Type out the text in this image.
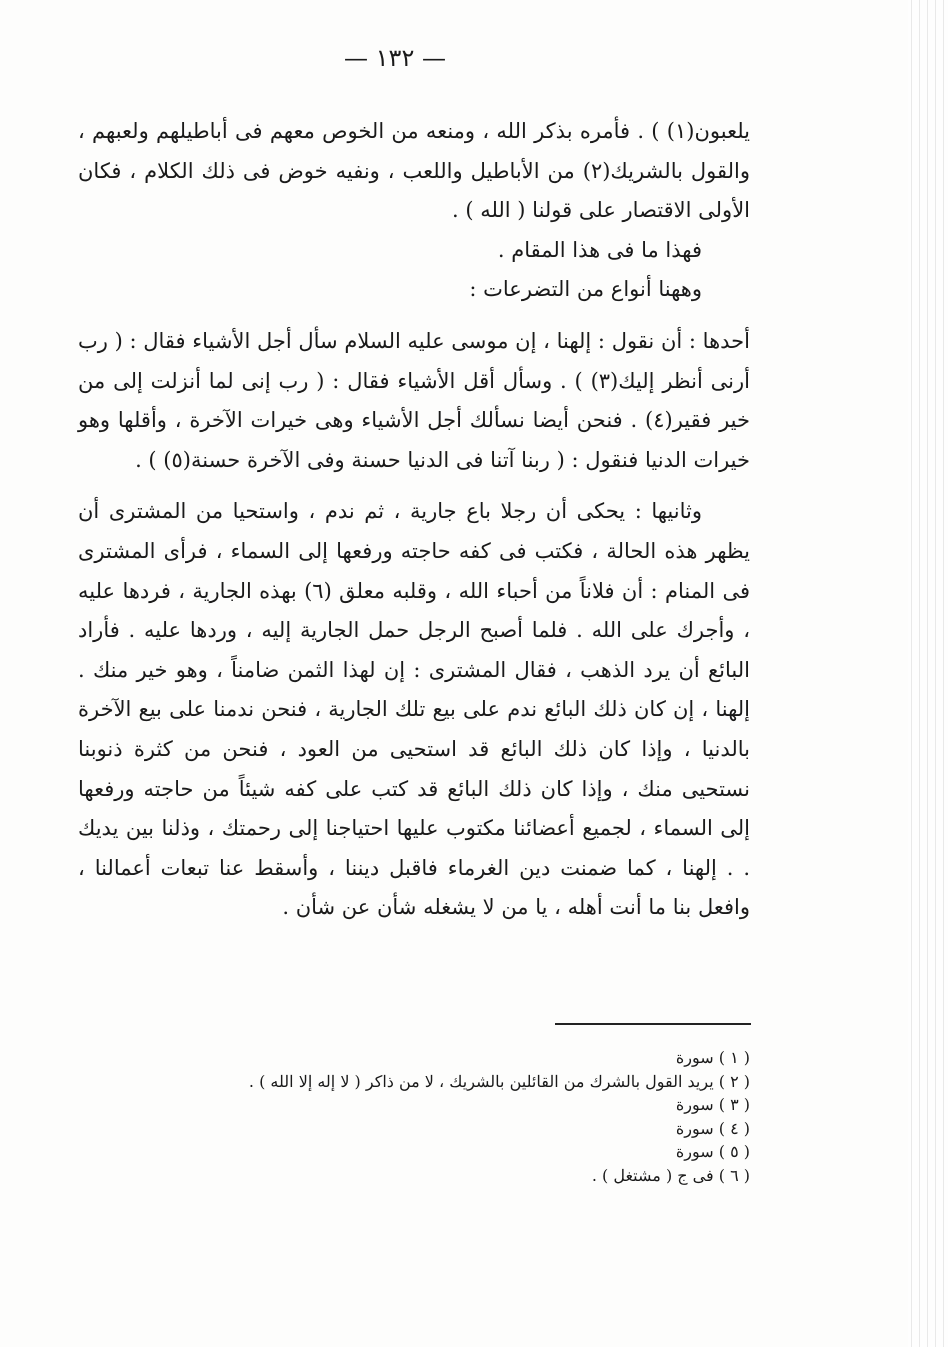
— ١٣٢ —

يلعبون(١) ) . فأمره بذكر الله ، ومنعه من الخوص معهم فى أباطيلهم ولعبهم ، والقول بالشريك(٢) من الأباطيل واللعب ، ونفيه خوض فى ذلك الكلام ، فكان الأولى الاقتصار على قولنا ( الله ) .

فهذا ما فى هذا المقام .

وههنا أنواع من التضرعات :

أحدها : أن نقول : إلهنا ، إن موسى عليه السلام سأل أجل الأشياء فقال : ( رب أرنى أنظر إليك(٣) ) . وسأل أقل الأشياء فقال : ( رب إنى لما أنزلت إلى من خير فقير(٤) . فنحن أيضا نسألك أجل الأشياء وهى خيرات الآخرة ، وأقلها وهو خيرات الدنيا فنقول : ( ربنا آتنا فى الدنيا حسنة وفى الآخرة حسنة(٥) ) .

وثانيها : يحكى أن رجلا باع جارية ، ثم ندم ، واستحيا من المشترى أن يظهر هذه الحالة ، فكتب فى كفه حاجته ورفعها إلى السماء ، فرأى المشترى فى المنام : أن فلاناً من أحباء الله ، وقلبه معلق (٦) بهذه الجارية ، فردها عليه ، وأجرك على الله . فلما أصبح الرجل حمل الجارية إليه ، وردها عليه . فأراد البائع أن يرد الذهب ، فقال المشترى : إن لهذا الثمن ضامناً ، وهو خير منك . إلهنا ، إن كان ذلك البائع ندم على بيع تلك الجارية ، فنحن ندمنا على بيع الآخرة بالدنيا ، وإذا كان ذلك البائع قد استحيى من العود ، فنحن من كثرة ذنوبنا نستحيى منك ، وإذا كان ذلك البائع قد كتب على كفه شيئاً من حاجته ورفعها إلى السماء ، لجميع أعضائنا مكتوب عليها احتياجنا إلى رحمتك ، وذلنا بين يديك . . إلهنا ، كما ضمنت دين الغرماء فاقبل ديننا ، وأسقط عنا تبعات أعمالنا ، وافعل بنا ما أنت أهله ، يا من لا يشغله شأن عن شأن .

( ١ ) سورة
( ٢ ) يريد القول بالشرك من القائلين بالشريك ، لا من ذاكر ( لا إله إلا الله ) .
( ٣ ) سورة
( ٤ ) سورة
( ٥ ) سورة
( ٦ ) فى ج ( مشتغل ) .
